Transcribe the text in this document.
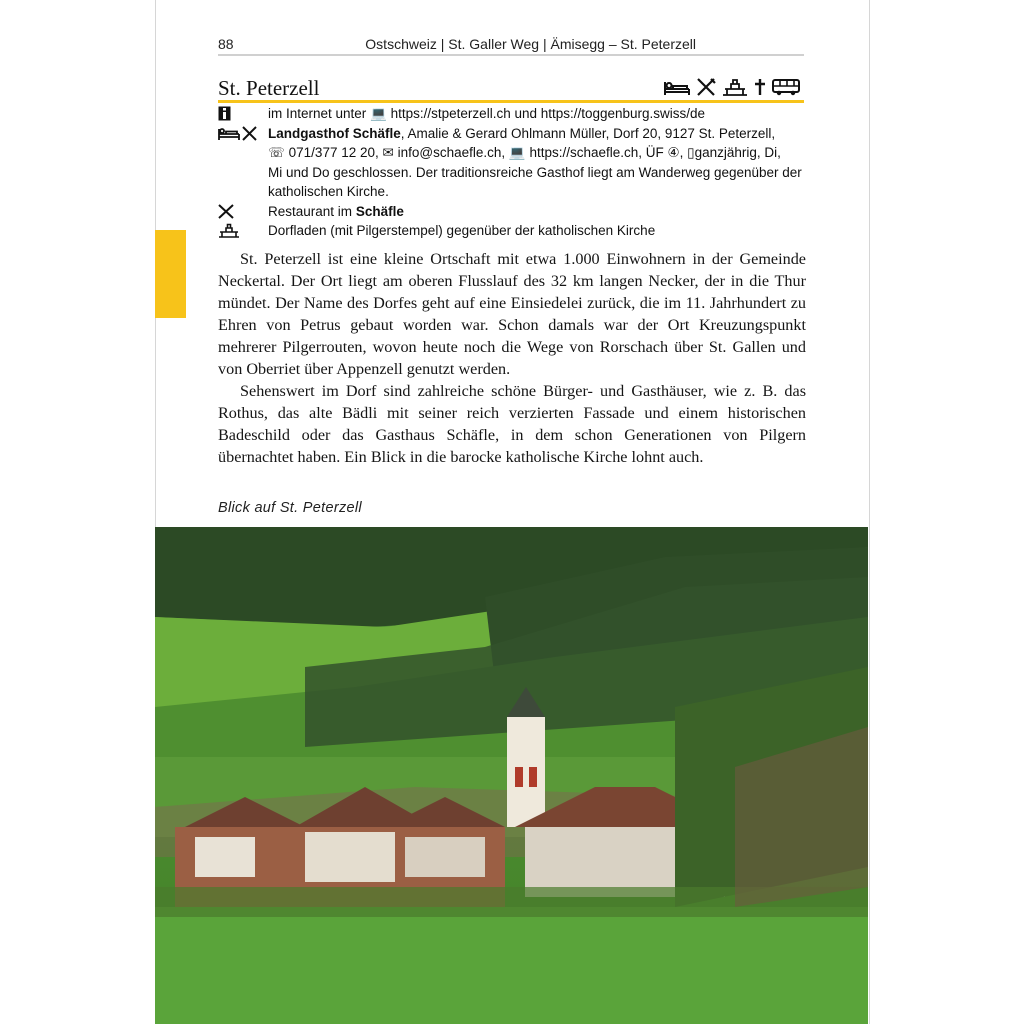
88	Ostschweiz | St. Galler Weg | Ämisegg – St. Peterzell
St. Peterzell
im Internet unter 💻 https://stpeterzell.ch und https://toggenburg.swiss/de
Landgasthof Schäfle, Amalie & Gerard Ohlmann Müller, Dorf 20, 9127 St. Peterzell,
☏ 071/377 12 20, ✉ info@schaefle.ch, 💻 https://schaefle.ch, ÜF ④, ▯ganzjährig, Di,
Mi und Do geschlossen. Der traditionsreiche Gasthof liegt am Wanderweg gegenüber der
katholischen Kirche.
Restaurant im Schäfle
Dorfladen (mit Pilgerstempel) gegenüber der katholischen Kirche

St. Peterzell ist eine kleine Ortschaft mit etwa 1.000 Einwohnern in der Gemeinde Neckertal. Der Ort liegt am oberen Flusslauf des 32 km langen Necker, der in die Thur mündet. Der Name des Dorfes geht auf eine Einsiedelei zurück, die im 11. Jahrhundert zu Ehren von Petrus gebaut worden war. Schon damals war der Ort Kreuzungspunkt mehrerer Pilgerrouten, wovon heute noch die Wege von Rorschach über St. Gallen und von Oberriet über Appenzell genutzt werden.

Sehenswert im Dorf sind zahlreiche schöne Bürger- und Gasthäuser, wie z. B. das Rothus, das alte Bädli mit seiner reich verzierten Fassade und einem historischen Badeschild oder das Gasthaus Schäfle, in dem schon Generationen von Pilgern übernachtet haben. Ein Blick in die barocke katholische Kirche lohnt auch.

Blick auf St. Peterzell
